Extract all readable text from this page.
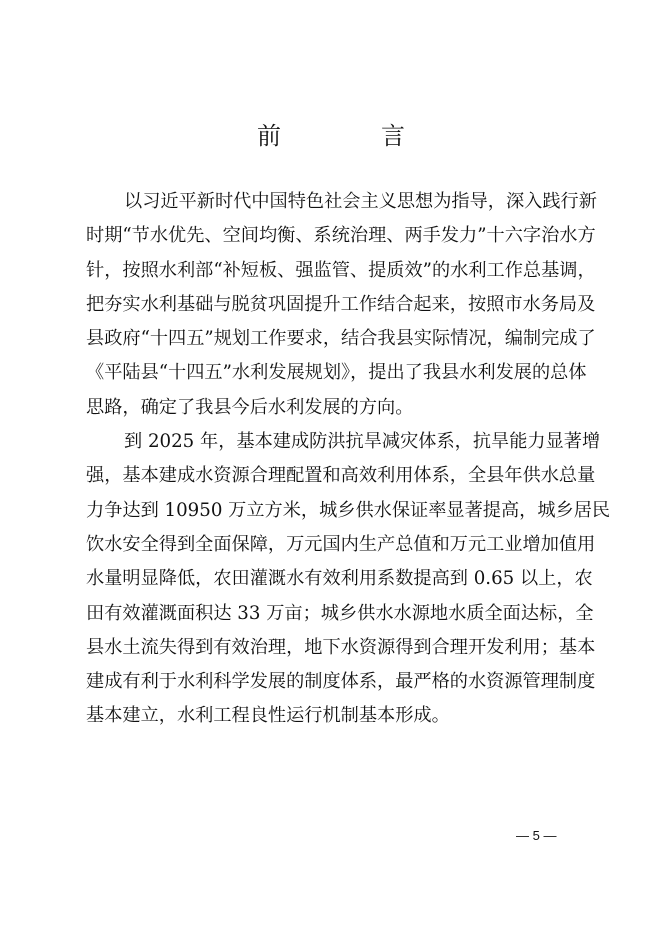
前　言
以习近平新时代中国特色社会主义思想为指导，深入践行新
时期“节水优先、空间均衡、系统治理、两手发力”十六字治水方
针，按照水利部“补短板、强监管、提质效”的水利工作总基调，
把夯实水利基础与脱贫巩固提升工作结合起来，按照市水务局及
县政府“十四五”规划工作要求，结合我县实际情况，编制完成了
《平陆县“十四五”水利发展规划》，提出了我县水利发展的总体
思路，确定了我县今后水利发展的方向。
到 2025 年，基本建成防洪抗旱减灾体系，抗旱能力显著增
强，基本建成水资源合理配置和高效利用体系，全县年供水总量
力争达到 10950 万立方米，城乡供水保证率显著提高，城乡居民
饮水安全得到全面保障，万元国内生产总值和万元工业增加值用
水量明显降低，农田灌溉水有效利用系数提高到 0.65 以上，农
田有效灌溉面积达 33 万亩；城乡供水水源地水质全面达标，全
县水土流失得到有效治理，地下水资源得到合理开发利用；基本
建成有利于水利科学发展的制度体系，最严格的水资源管理制度
基本建立，水利工程良性运行机制基本形成。
— 5 —
